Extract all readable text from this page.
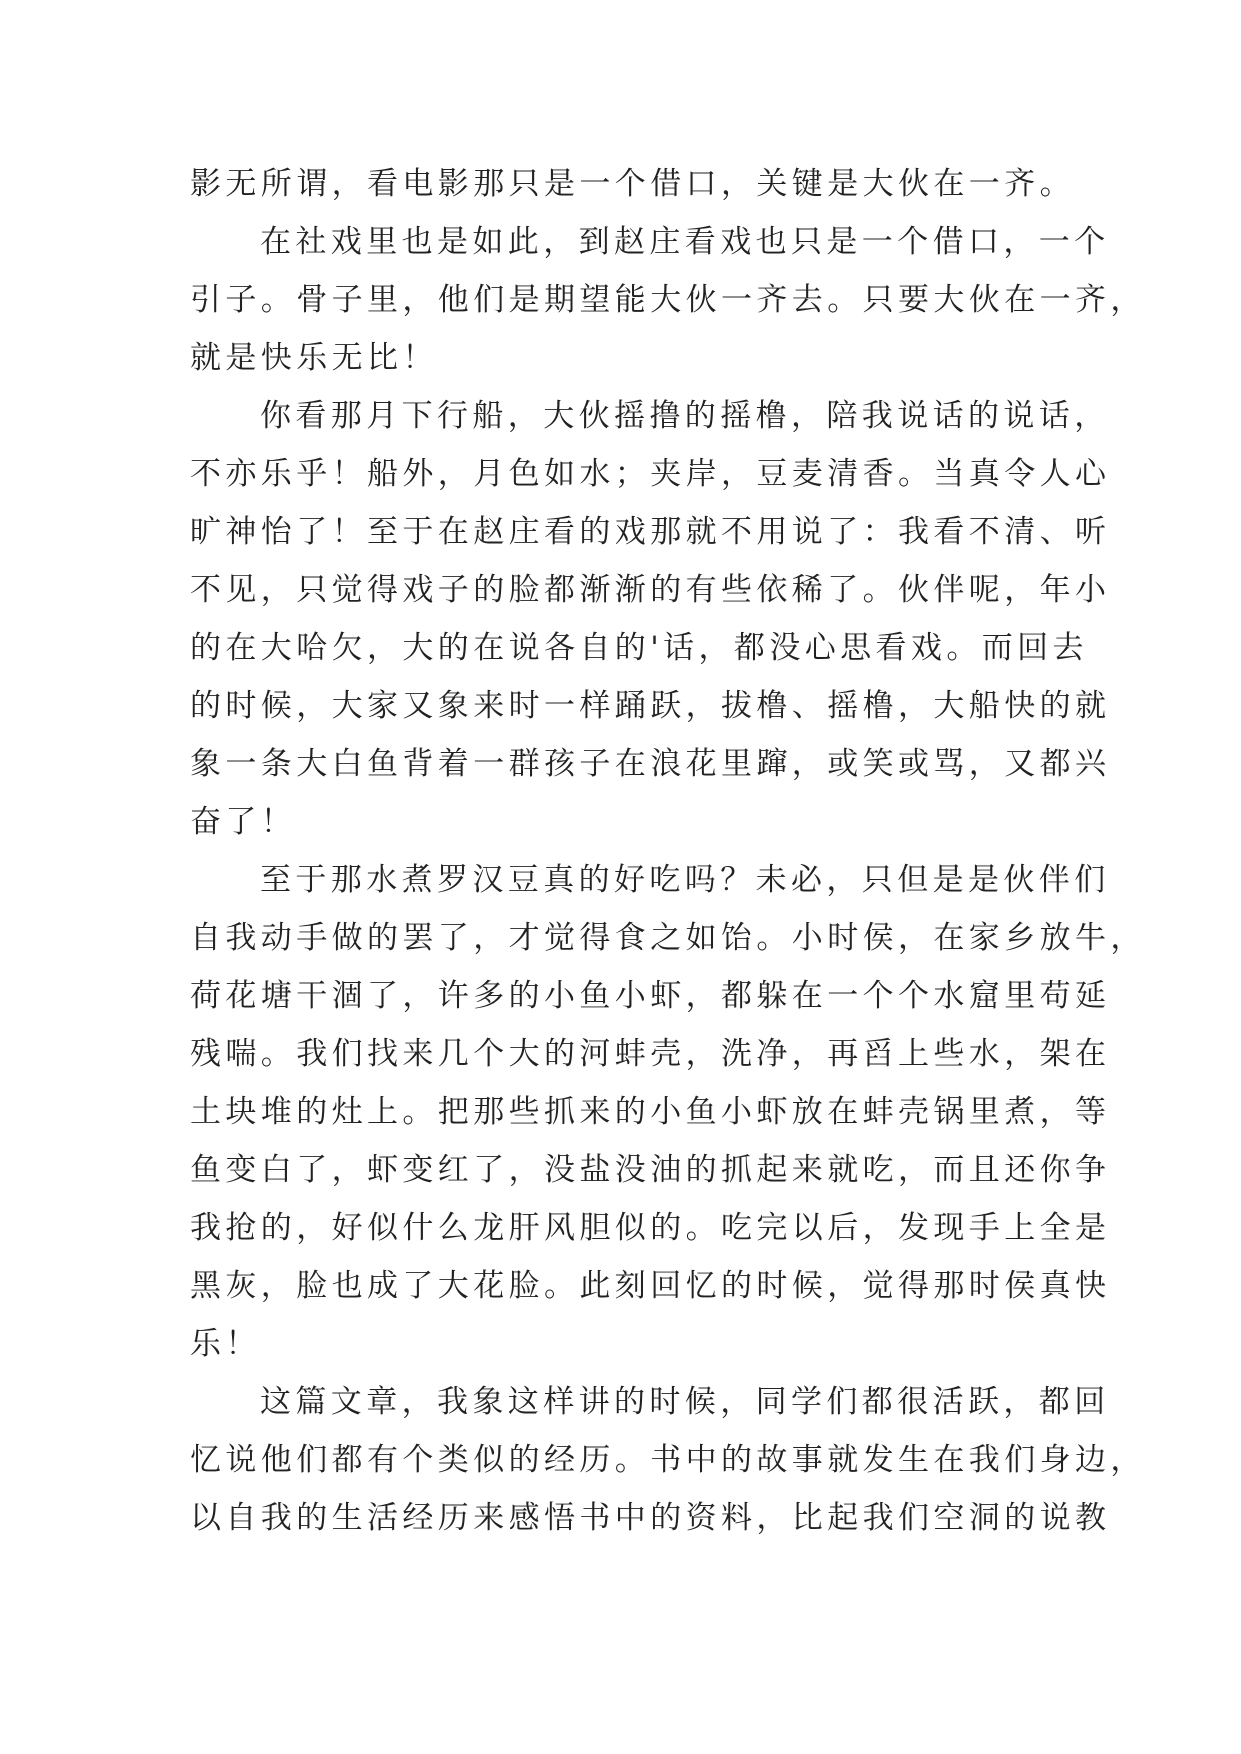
影无所谓，看电影那只是一个借口，关键是大伙在一齐。
在社戏里也是如此，到赵庄看戏也只是一个借口，一个
引子。骨子里，他们是期望能大伙一齐去。只要大伙在一齐，
就是快乐无比！
你看那月下行船，大伙摇撸的摇橹，陪我说话的说话，
不亦乐乎！船外，月色如水；夹岸，豆麦清香。当真令人心
旷神怡了！至于在赵庄看的戏那就不用说了：我看不清、听
不见，只觉得戏子的脸都渐渐的有些依稀了。伙伴呢，年小
的在大哈欠，大的在说各自的'话，都没心思看戏。而回去
的时候，大家又象来时一样踊跃，拔橹、摇橹，大船快的就
象一条大白鱼背着一群孩子在浪花里蹿，或笑或骂，又都兴
奋了！
至于那水煮罗汉豆真的好吃吗？未必，只但是是伙伴们
自我动手做的罢了，才觉得食之如饴。小时侯，在家乡放牛，
荷花塘干涸了，许多的小鱼小虾，都躲在一个个水窟里苟延
残喘。我们找来几个大的河蚌壳，洗净，再舀上些水，架在
土块堆的灶上。把那些抓来的小鱼小虾放在蚌壳锅里煮，等
鱼变白了，虾变红了，没盐没油的抓起来就吃，而且还你争
我抢的，好似什么龙肝风胆似的。吃完以后，发现手上全是
黑灰，脸也成了大花脸。此刻回忆的时候，觉得那时侯真快
乐！
这篇文章，我象这样讲的时候，同学们都很活跃，都回
忆说他们都有个类似的经历。书中的故事就发生在我们身边，
以自我的生活经历来感悟书中的资料，比起我们空洞的说教
